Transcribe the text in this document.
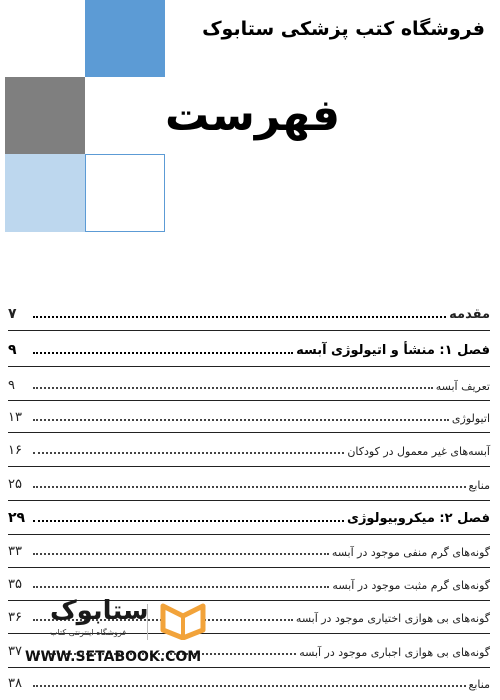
فروشگاه کتب پزشکی ستابوک
فهرست
۷	مقدمه
۹	فصل ۱: منشأ و اتیولوژی آبسه
۹	تعریف آبسه
۱۳	اتیولوژی
۱۶	آبسه‌های غیر معمول در کودکان
۲۵	منابع
۲۹	فصل ۲: میکروبیولوژی
۳۳	گونه‌های گرم منفی موجود در آبسه
۳۵	گونه‌های گرم مثبت موجود در آبسه
۳۶	گونه‌های بی هوازی اختیاری موجود در آبسه
۳۷	گونه‌های بی هوازی اجباری موجود در آبسه
۳۸	منابع
ستابوک
فروشگاه اینترنتی کتاب
WWW.SETABOOK.COM
